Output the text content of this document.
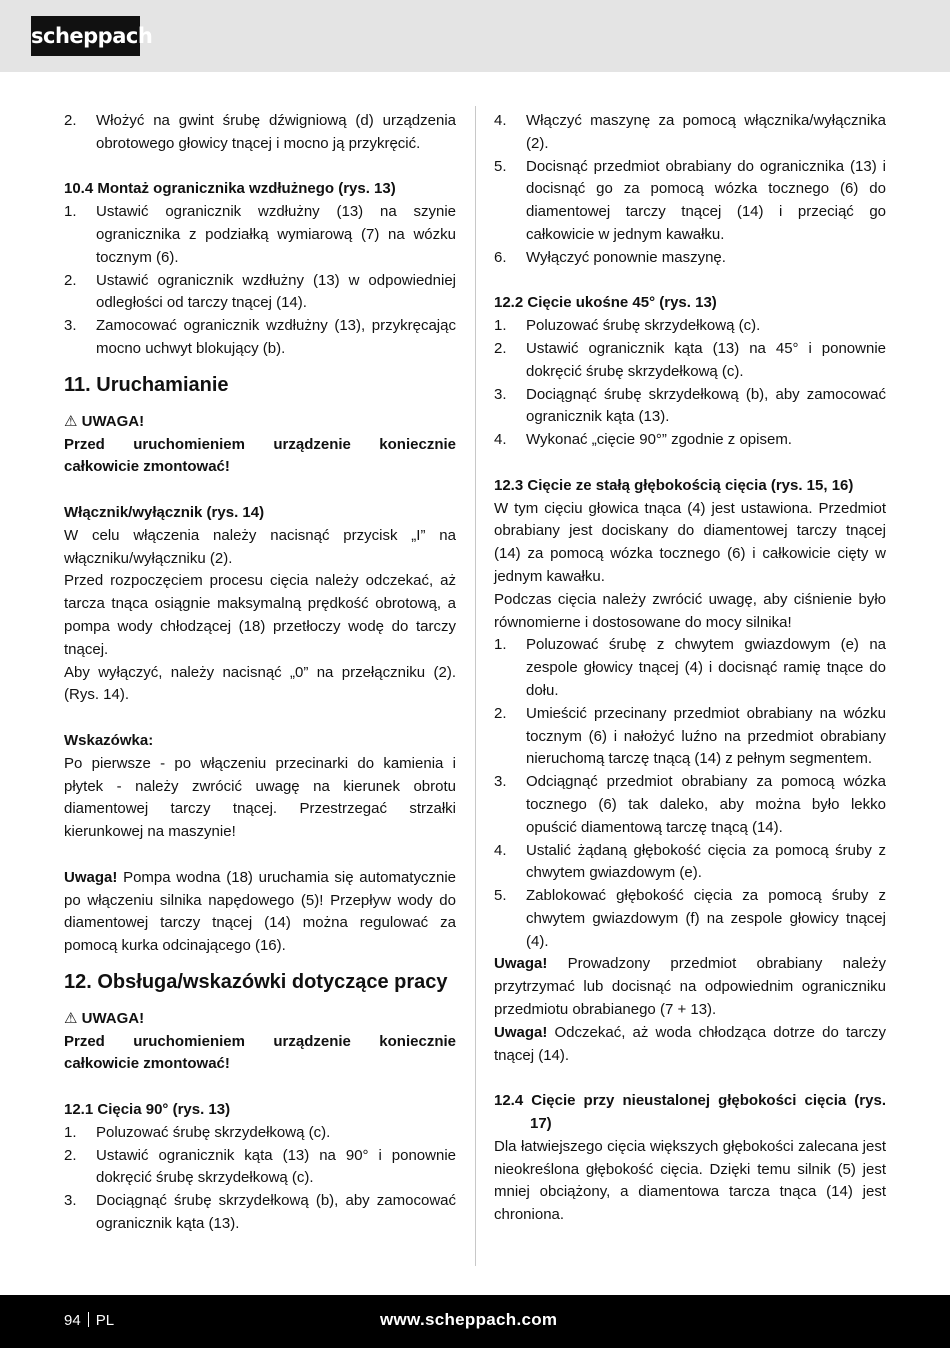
scheppach
2. Włożyć na gwint śrubę dźwigniową (d) urządzenia obrotowego głowicy tnącej i mocno ją przykręcić.

10.4 Montaż ogranicznika wzdłużnego (rys. 13)

1. Ustawić ogranicznik wzdłużny (13) na szynie ogranicznika z podziałką wymiarową (7) na wózku tocznym (6).
2. Ustawić ogranicznik wzdłużny (13) w odpowiedniej odległości od tarczy tnącej (14).
3. Zamocować ogranicznik wzdłużny (13), przykręcając mocno uchwyt blokujący (b).
11. Uruchamianie

⚠ UWAGA!

Przed uruchomieniem urządzenie koniecznie całkowicie zmontować!

Włącznik/wyłącznik (rys. 14)

W celu włączenia należy nacisnąć przycisk „I” na włączniku/wyłączniku (2).

Przed rozpoczęciem procesu cięcia należy odczekać, aż tarcza tnąca osiągnie maksymalną prędkość obrotową, a pompa wody chłodzącej (18) przetłoczy wodę do tarczy tnącej.

Aby wyłączyć, należy nacisnąć „0” na przełączniku (2). (Rys. 14).

Wskazówka:

Po pierwsze - po włączeniu przecinarki do kamienia i płytek - należy zwrócić uwagę na kierunek obrotu diamentowej tarczy tnącej. Przestrzegać strzałki kierunkowej na maszynie!

Uwaga! Pompa wodna (18) uruchamia się automatycznie po włączeniu silnika napędowego (5)! Przepływ wody do diamentowej tarczy tnącej (14) można regulować za pomocą kurka odcinającego (16).

12. Obsługa/wskazówki dotyczące pracy

⚠ UWAGA!

Przed uruchomieniem urządzenie koniecznie całkowicie zmontować!

12.1 Cięcia 90° (rys. 13)

1. Poluzować śrubę skrzydełkową (c).
2. Ustawić ogranicznik kąta (13) na 90° i ponownie dokręcić śrubę skrzydełkową (c).
3. Dociągnąć śrubę skrzydełkową (b), aby zamocować ogranicznik kąta (13).
4. Włączyć maszynę za pomocą włącznika/wyłącznika (2).
5. Docisnąć przedmiot obrabiany do ogranicznika (13) i docisnąć go za pomocą wózka tocznego (6) do diamentowej tarczy tnącej (14) i przeciąć go całkowicie w jednym kawałku.
6. Wyłączyć ponownie maszynę.

12.2 Cięcie ukośne 45° (rys. 13)

1. Poluzować śrubę skrzydełkową (c).
2. Ustawić ogranicznik kąta (13) na 45° i ponownie dokręcić śrubę skrzydełkową (c).
3. Dociągnąć śrubę skrzydełkową (b), aby zamocować ogranicznik kąta (13).
4. Wykonać „cięcie 90°” zgodnie z opisem.

12.3 Cięcie ze stałą głębokością cięcia (rys. 15, 16)

W tym cięciu głowica tnąca (4) jest ustawiona. Przedmiot obrabiany jest dociskany do diamentowej tarczy tnącej (14) za pomocą wózka tocznego (6) i całkowicie cięty w jednym kawałku.

Podczas cięcia należy zwrócić uwagę, aby ciśnienie było równomierne i dostosowane do mocy silnika!

1. Poluzować śrubę z chwytem gwiazdowym (e) na zespole głowicy tnącej (4) i docisnąć ramię tnące do dołu.
2. Umieścić przecinany przedmiot obrabiany na wózku tocznym (6) i nałożyć luźno na przedmiot obrabiany nieruchomą tarczę tnącą (14) z pełnym segmentem.
3. Odciągnąć przedmiot obrabiany za pomocą wózka tocznego (6) tak daleko, aby można było lekko opuścić diamentową tarczę tnącą (14).
4. Ustalić żądaną głębokość cięcia za pomocą śruby z chwytem gwiazdowym (e).
5. Zablokować głębokość cięcia za pomocą śruby z chwytem gwiazdowym (f) na zespole głowicy tnącej (4).

Uwaga! Prowadzony przedmiot obrabiany należy przytrzymać lub docisnąć na odpowiednim ograniczniku przedmiotu obrabianego (7 + 13).

Uwaga! Odczekać, aż woda chłodząca dotrze do tarczy tnącej (14).

12.4 Cięcie przy nieustalonej głębokości cięcia (rys. 17)

Dla łatwiejszego cięcia większych głębokości zalecana jest nieokreślona głębokość cięcia. Dzięki temu silnik (5) jest mniej obciążony, a diamentowa tarcza tnąca (14) jest chroniona.

94 PL	www.scheppach.com
